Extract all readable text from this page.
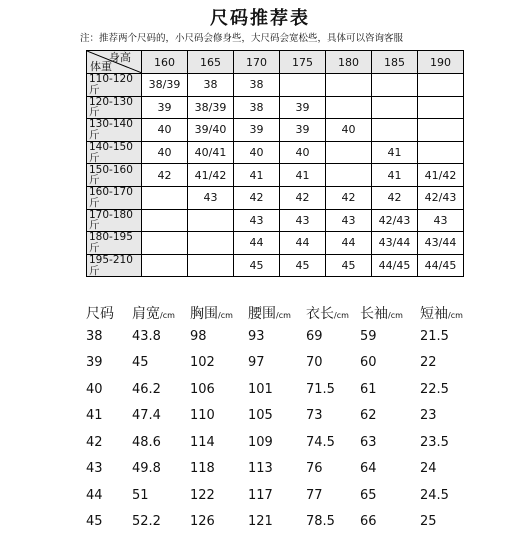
尺码推荐表
注：推荐两个尺码的，小尺码会修身些，大尺码会宽松些，具体可以咨询客服
身高
体重	160	165	170	175	180	185	190
110-120斤	38/39	38	38				
120-130斤	39	38/39	38	39			
130-140斤	40	39/40	39	39	40		
140-150斤	40	40/41	40	40		41	
150-160斤	42	41/42	41	41		41	41/42
160-170斤		43	42	42	42	42	42/43
170-180斤			43	43	43	42/43	43
180-195斤			44	44	44	43/44	43/44
195-210斤			45	45	45	44/45	44/45
尺码	肩宽/cm	胸围/cm	腰围/cm	衣长/cm	长袖/cm	短袖/cm
38	43.8	98	93	69	59	21.5
39	45	102	97	70	60	22
40	46.2	106	101	71.5	61	22.5
41	47.4	110	105	73	62	23
42	48.6	114	109	74.5	63	23.5
43	49.8	118	113	76	64	24
44	51	122	117	77	65	24.5
45	52.2	126	121	78.5	66	25
